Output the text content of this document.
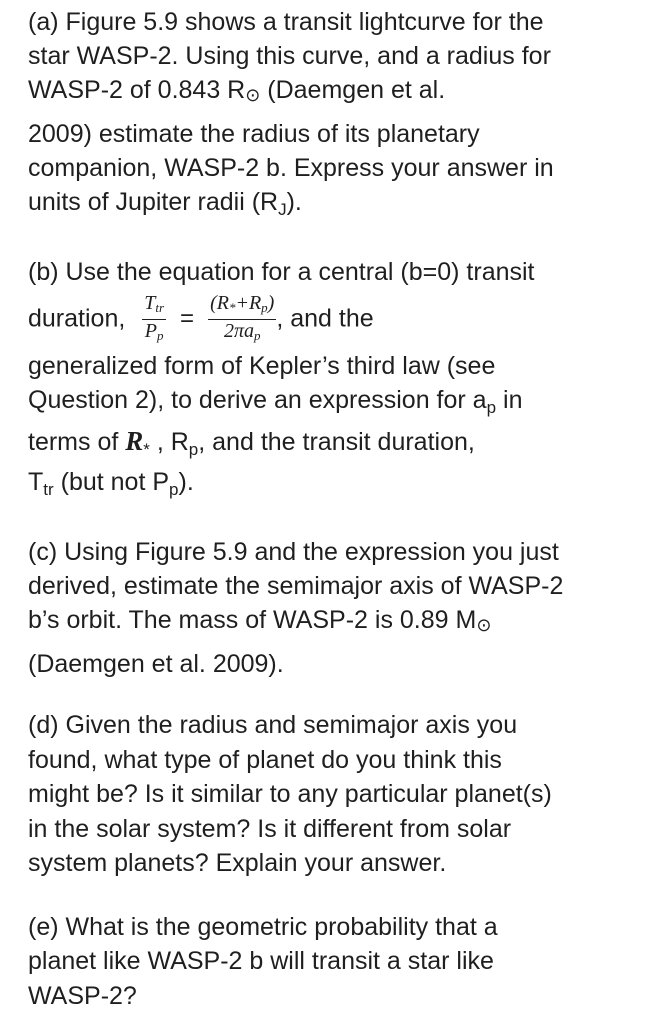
(a) Figure 5.9 shows a transit lightcurve for the
star WASP-2. Using this curve, and a radius for
WASP-2 of 0.843 R⊙ (Daemgen et al.
2009) estimate the radius of its planetary
companion, WASP-2 b. Express your answer in
units of Jupiter radii $(R_J)$.
(b) Use the equation for a central (b=0) transit
duration, $\frac{\text{Ttr}}{Pp} = \frac{(R*+Rp)}{\text{2πap}}$ , and the
generalized form of Kepler’s third law (see
Question 2), to derive an expression for $a_p$ in
terms of $R_*$ , $R_p$, and the transit duration,
$T_{tr}$ (but not $P_p$).
(c) Using Figure 5.9 and the expression you just
derived, estimate the semimajor axis of WASP-2
b’s orbit. The mass of WASP-2 is 0.89 M⊙
(Daemgen et al. 2009).
(d) Given the radius and semimajor axis you
found, what type of planet do you think this
might be? Is it similar to any particular planet(s)
in the solar system? Is it different from solar
system planets? Explain your answer.
(e) What is the geometric probability that a
planet like WASP-2 b will transit a star like
WASP-2?
